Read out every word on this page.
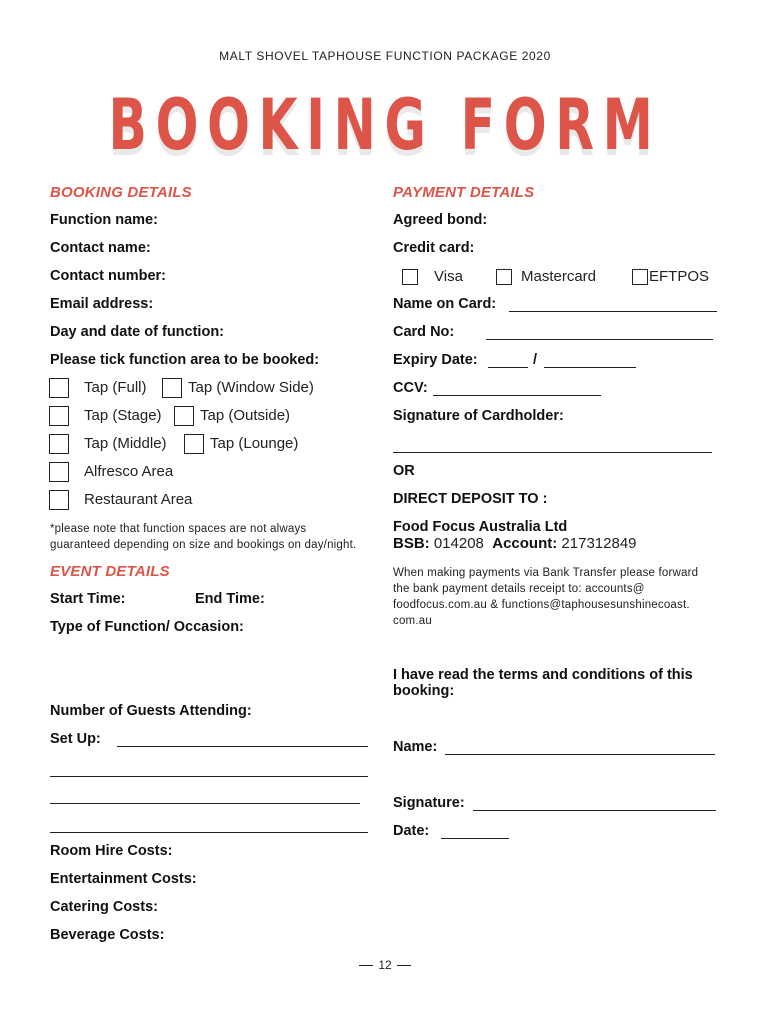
MALT SHOVEL TAPHOUSE FUNCTION PACKAGE 2020
BOOKING FORM
BOOKING DETAILS
Function name:
Contact name:
Contact number:
Email address:
Day and date of function:
Please tick function area to be booked:
Tap (Full)	Tap (Window Side)
Tap (Stage)	Tap (Outside)
Tap (Middle)	Tap (Lounge)
Alfresco Area
Restaurant Area
*please note that function spaces are not always
guaranteed depending on size and bookings on day/night.
EVENT DETAILS
Start Time:	End Time:
Type of Function/ Occasion:
Number of Guests Attending:
Set Up:
Room Hire Costs:
Entertainment Costs:
Catering Costs:
Beverage Costs:
PAYMENT DETAILS
Agreed bond:
Credit card:
Visa	Mastercard	EFTPOS
Name on Card:
Card No:
Expiry Date:	/
CCV:
Signature of Cardholder:
OR
DIRECT DEPOSIT TO :
Food Focus Australia Ltd
BSB: 014208 Account: 217312849
When making payments via Bank Transfer please forward
the bank payment details receipt to: accounts@
foodfocus.com.au & functions@taphousesunshinecoast.
com.au
I have read the terms and conditions of this
booking:
Name:
Signature:
Date:
12
